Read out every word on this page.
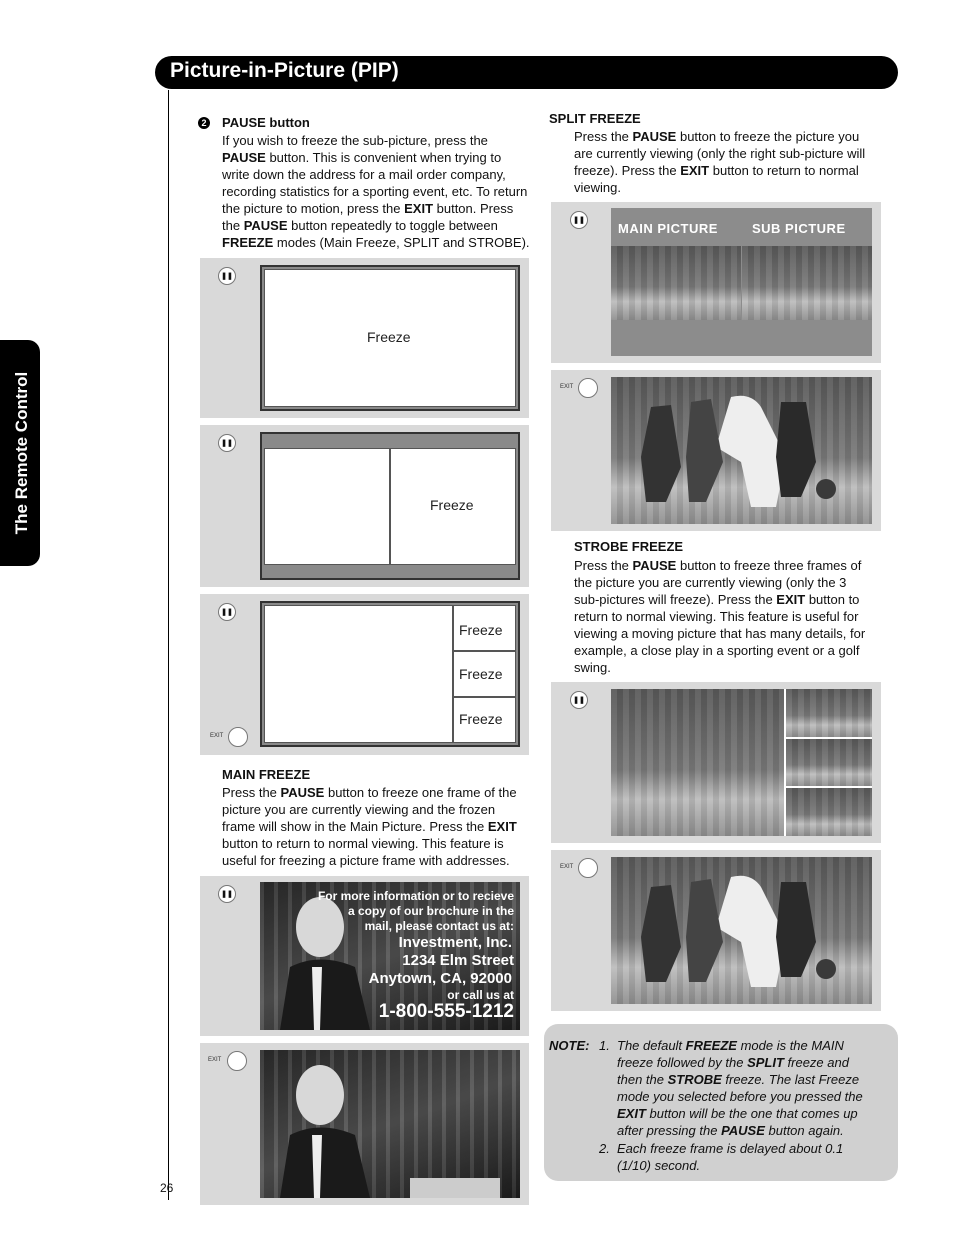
Picture-in-Picture (PIP)
The Remote Control
26
2 PAUSE button
If you wish to freeze the sub-picture, press the
PAUSE button. This is convenient when trying to
write down the address for a mail order company,
recording statistics for a sporting event, etc. To return
the picture to motion, press the EXIT button. Press
the PAUSE button repeatedly to toggle between
FREEZE modes (Main Freeze, SPLIT and STROBE).
❚❚
Freeze
❚❚
Freeze
❚❚
EXIT
Freeze
Freeze
Freeze
MAIN FREEZE
Press the PAUSE button to freeze one frame of the
picture you are currently viewing and the frozen
frame will show in the Main Picture. Press the EXIT
button to return to normal viewing. This feature is
useful for freezing a picture frame with addresses.
❚❚	For more information or to recieve
a copy of our brochure in the
mail, please contact us at:
Investment, Inc.
1234 Elm Street
Anytown, CA, 92000
or call us at
1-800-555-1212
EXIT
SPLIT FREEZE
Press the PAUSE button to freeze the picture you
are currently viewing (only the right sub-picture will
freeze). Press the EXIT button to return to normal
viewing.
❚❚
MAIN PICTURE	SUB PICTURE
EXIT
STROBE FREEZE
Press the PAUSE button to freeze three frames of
the picture you are currently viewing (only the 3
sub-pictures will freeze). Press the EXIT button to
return to normal viewing. This feature is useful for
viewing a moving picture that has many details, for
example, a close play in a sporting event or a golf
swing.
❚❚
EXIT
NOTE: 1. The default FREEZE mode is the MAIN
freeze followed by the SPLIT freeze and
then the STROBE freeze. The last Freeze
mode you selected before you pressed the
EXIT button will be the one that comes up
after pressing the PAUSE button again.
2. Each freeze frame is delayed about 0.1
(1/10) second.
